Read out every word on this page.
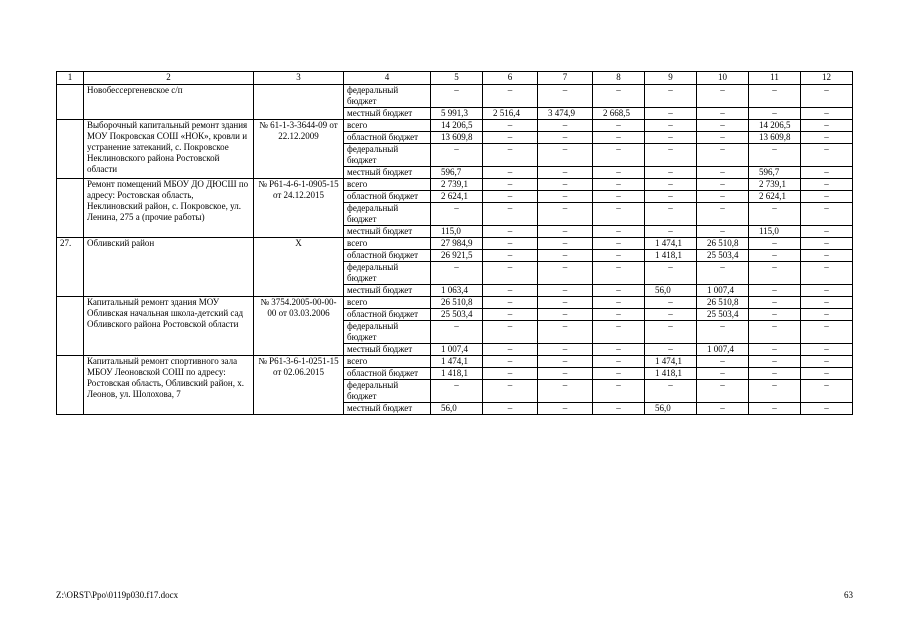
1	2	3	4	5	6	7	8	9	10	11	12
	Новобессергеневское с/п		федеральный бюджет	–	–	–	–	–	–	–	–
			местный бюджет	5 991,3	2 516,4	3 474,9	2 668,5	–	–	–	–
	Выборочный капитальный ремонт здания МОУ Покровская СОШ «НОК», кровли и устранение затеканий, с. Покровское Неклиновского района Ростовской области	№ 61-1-3-3644-09 от 22.12.2009	всего	14 206,5	–	–	–	–	–	14 206,5	–
			областной бюджет	13 609,8	–	–	–	–	–	13 609,8	–
			федеральный бюджет	–	–	–	–	–	–	–	–
			местный бюджет	596,7	–	–	–	–	–	596,7	–
	Ремонт помещений МБОУ ДО ДЮСШ по адресу: Ростовская область, Неклиновский район, с. Покровское, ул. Ленина, 275 а (прочие работы)	№ Р61-4-6-1-0905-15 от 24.12.2015	всего	2 739,1	–	–	–	–	–	2 739,1	–
			областной бюджет	2 624,1	–	–	–	–	–	2 624,1	–
			федеральный бюджет	–	–	–	–	–	–	–	–
			местный бюджет	115,0	–	–	–	–	–	115,0	–
27.	Обливский район	Х	всего	27 984,9	–	–	–	1 474,1	26 510,8	–	–
			областной бюджет	26 921,5	–	–	–	1 418,1	25 503,4	–	–
			федеральный бюджет	–	–	–	–	–	–	–	–
			местный бюджет	1 063,4	–	–	–	56,0	1 007,4	–	–
	Капитальный ремонт здания МОУ Обливская начальная школа-детский сад Обливского района Ростовской области	№ 3754.2005-00-00-00 от 03.03.2006	всего	26 510,8	–	–	–	–	26 510,8	–	–
			областной бюджет	25 503,4	–	–	–	–	25 503,4	–	–
			федеральный бюджет	–	–	–	–	–	–	–	–
			местный бюджет	1 007,4	–	–	–	–	1 007,4	–	–
	Капитальный ремонт спортивного зала МБОУ Леоновской СОШ по адресу: Ростовская область, Обливский район, х. Леонов, ул. Шолохова, 7	№ Р61-3-6-1-0251-15 от 02.06.2015	всего	1 474,1	–	–	–	1 474,1	–	–	–
			областной бюджет	1 418,1	–	–	–	1 418,1	–	–	–
			федеральный бюджет	–	–	–	–	–	–	–	–
			местный бюджет	56,0	–	–	–	56,0	–	–	–
Z:\ORST\Ppo\0119p030.f17.docx	63
